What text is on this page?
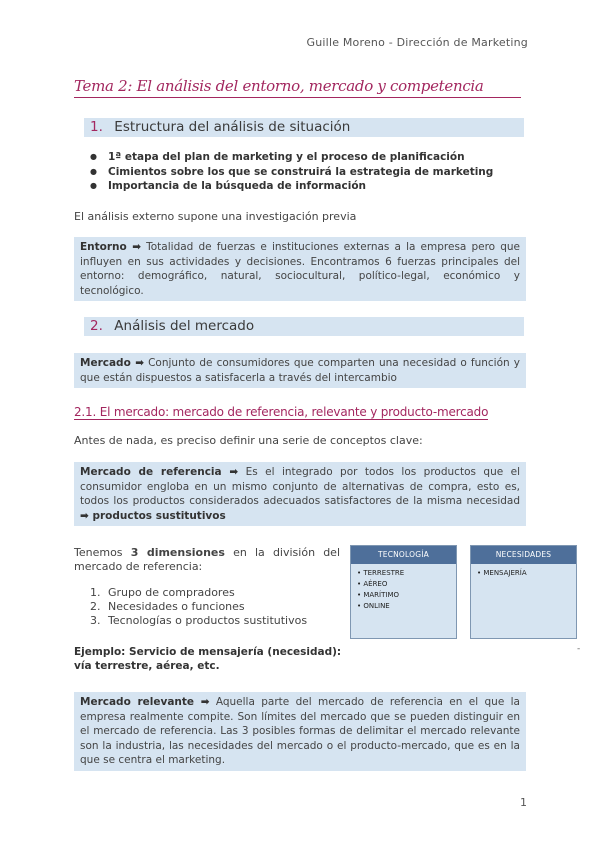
Guille Moreno - Dirección de Marketing
Tema 2: El análisis del entorno, mercado y competencia
1. Estructura del análisis de situación
● 1ª etapa del plan de marketing y el proceso de planificación
● Cimientos sobre los que se construirá la estrategia de marketing
● Importancia de la búsqueda de información
El análisis externo supone una investigación previa
Entorno ➡ Totalidad de fuerzas e instituciones externas a la empresa pero que influyen en sus actividades y decisiones. Encontramos 6 fuerzas principales del entorno: demográfico, natural, sociocultural, político-legal, económico y tecnológico.
2. Análisis del mercado
Mercado ➡ Conjunto de consumidores que comparten una necesidad o función y que están dispuestos a satisfacerla a través del intercambio
2.1. El mercado: mercado de referencia, relevante y producto-mercado
Antes de nada, es preciso definir una serie de conceptos clave:
Mercado de referencia ➡ Es el integrado por todos los productos que el consumidor engloba en un mismo conjunto de alternativas de compra, esto es, todos los productos considerados adecuados satisfactores de la misma necesidad ➡ productos sustitutivos
Tenemos 3 dimensiones en la división del mercado de referencia:
1. Grupo de compradores
2. Necesidades o funciones
3. Tecnologías o productos sustitutivos
Ejemplo: Servicio de mensajería (necesidad): vía terrestre, aérea, etc.
TECNOLOGÍA
• TERRESTRE
• AÉREO
• MARÍTIMO
• ONLINE
NECESIDADES
• MENSAJERÍA
-
Mercado relevante ➡ Aquella parte del mercado de referencia en el que la empresa realmente compite. Son límites del mercado que se pueden distinguir en el mercado de referencia. Las 3 posibles formas de delimitar el mercado relevante son la industria, las necesidades del mercado o el producto-mercado, que es en la que se centra el marketing.
1
